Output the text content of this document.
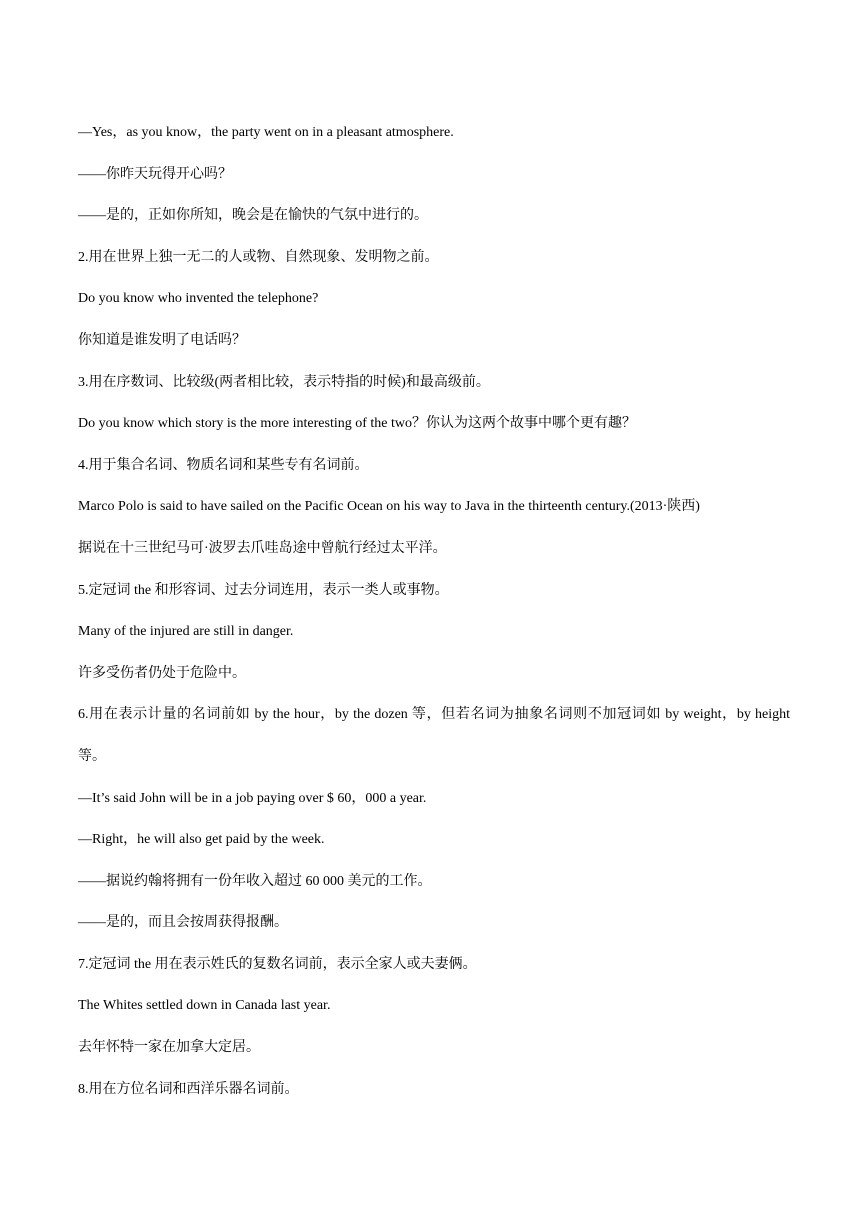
—Yes，as you know，the party went on in a pleasant atmosphere.

——你昨天玩得开心吗？

——是的，正如你所知，晚会是在愉快的气氛中进行的。

2.用在世界上独一无二的人或物、自然现象、发明物之前。

Do you know who invented the telephone?

你知道是谁发明了电话吗？

3.用在序数词、比较级(两者相比较，表示特指的时候)和最高级前。

Do you know which story is the more interesting of the two？你认为这两个故事中哪个更有趣？

4.用于集合名词、物质名词和某些专有名词前。

Marco Polo is said to have sailed on the Pacific Ocean on his way to Java in the thirteenth century.(2013·陕西)

据说在十三世纪马可·波罗去爪哇岛途中曾航行经过太平洋。

5.定冠词 the 和形容词、过去分词连用，表示一类人或事物。

Many of the injured are still in danger.

许多受伤者仍处于危险中。

6.用在表示计量的名词前如 by the hour，by the dozen 等，但若名词为抽象名词则不加冠词如 by weight，by height 等。

—It’s said John will be in a job paying over $ 60，000 a year.

—Right，he will also get paid by the week.

——据说约翰将拥有一份年收入超过 60 000 美元的工作。

——是的，而且会按周获得报酬。

7.定冠词 the 用在表示姓氏的复数名词前，表示全家人或夫妻俩。

The Whites settled down in Canada last year.

去年怀特一家在加拿大定居。

8.用在方位名词和西洋乐器名词前。
